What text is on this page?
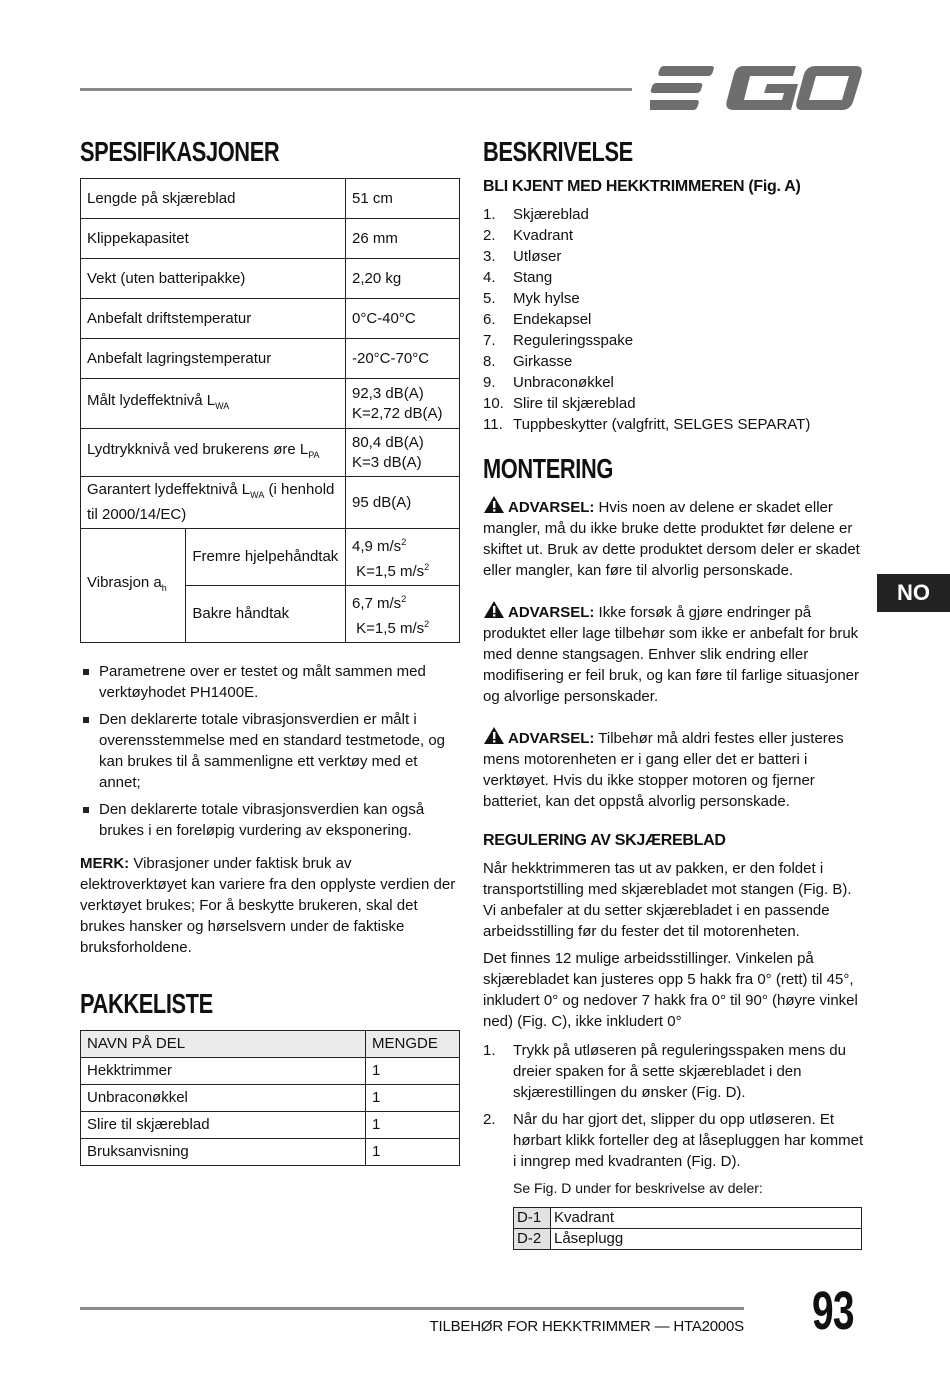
SPESIFIKASJONER
Lengde på skjæreblad		51 cm
Klippekapasitet		26 mm
Vekt (uten batteripakke)		2,20 kg
Anbefalt driftstemperatur		0°C-40°C
Anbefalt lagringstemperatur		-20°C-70°C
Målt lydeffektnivå $L_{WA}$		92,3 dB(A)
K=2,72 dB(A)
Lydtrykknivå ved brukerens øre $L_{PA}$		80,4 dB(A)
K=3 dB(A)
Garantert lydeffektnivå $L_{WA}$ (i henhold til 2000/14/EC)		95 dB(A)
Vibrasjon $a_h$	Fremre hjelpehåndtak	4,9 $m/s^2$
K=1,5 $m/s^2$
	Bakre håndtak	6,7 $m/s^2$
K=1,5 $m/s^2$
Parametrene over er testet og målt sammen med verktøyhodet PH1400E.
Den deklarerte totale vibrasjonsverdien er målt i overensstemmelse med en standard testmetode, og kan brukes til å sammenligne ett verktøy med et annet;
Den deklarerte totale vibrasjonsverdien kan også brukes i en foreløpig vurdering av eksponering.

MERK: Vibrasjoner under faktisk bruk av elektroverktøyet kan variere fra den opplyste verdien der verktøyet brukes; For å beskytte brukeren, skal det brukes hansker og hørselsvern under de faktiske bruksforholdene.

PAKKELISTE
NAVN PÅ DEL	MENGDE
Hekktrimmer	1
Unbraconøkkel	1
Slire til skjæreblad	1
Bruksanvisning	1
BESKRIVELSE
BLI KJENT MED HEKKTRIMMEREN (Fig. A)
1.	Skjæreblad
2.	Kvadrant
3.	Utløser
4.	Stang
5.	Myk hylse
6.	Endekapsel
7.	Reguleringsspake
8.	Girkasse
9.	Unbraconøkkel
10. Slire til skjæreblad
11. Tuppbeskytter (valgfritt, SELGES SEPARAT)
MONTERING

ADVARSEL: Hvis noen av delene er skadet eller mangler, må du ikke bruke dette produktet før delene er skiftet ut. Bruk av dette produktet dersom deler er skadet eller mangler, kan føre til alvorlig personskade.

ADVARSEL: Ikke forsøk å gjøre endringer på produktet eller lage tilbehør som ikke er anbefalt for bruk med denne stangsagen. Enhver slik endring eller modifisering er feil bruk, og kan føre til farlige situasjoner og alvorlige personskader.

ADVARSEL: Tilbehør må aldri festes eller justeres mens motorenheten er i gang eller det er batteri i verktøyet. Hvis du ikke stopper motoren og fjerner batteriet, kan det oppstå alvorlig personskade.

REGULERING AV SKJÆREBLAD

Når hekktrimmeren tas ut av pakken, er den foldet i transportstilling med skjærebladet mot stangen (Fig. B). Vi anbefaler at du setter skjærebladet i en passende arbeidsstilling før du fester det til motorenheten.

Det finnes 12 mulige arbeidsstillinger. Vinkelen på skjærebladet kan justeres opp 5 hakk fra 0° (rett) til 45°, inkludert 0° og nedover 7 hakk fra 0° til 90° (høyre vinkel ned) (Fig. C), ikke inkludert 0°

1.	Trykk på utløseren på reguleringsspaken mens du dreier spaken for å sette skjærebladet i den skjærestillingen du ønsker (Fig. D).
2.	Når du har gjort det, slipper du opp utløseren. Et hørbart klikk forteller deg at låsepluggen har kommet i inngrep med kvadranten (Fig. D).

Se Fig. D under for beskrivelse av deler:

D-1	Kvadrant
D-2	Låseplugg
NO
TILBEHØR FOR HEKKTRIMMER — HTA2000S 93
